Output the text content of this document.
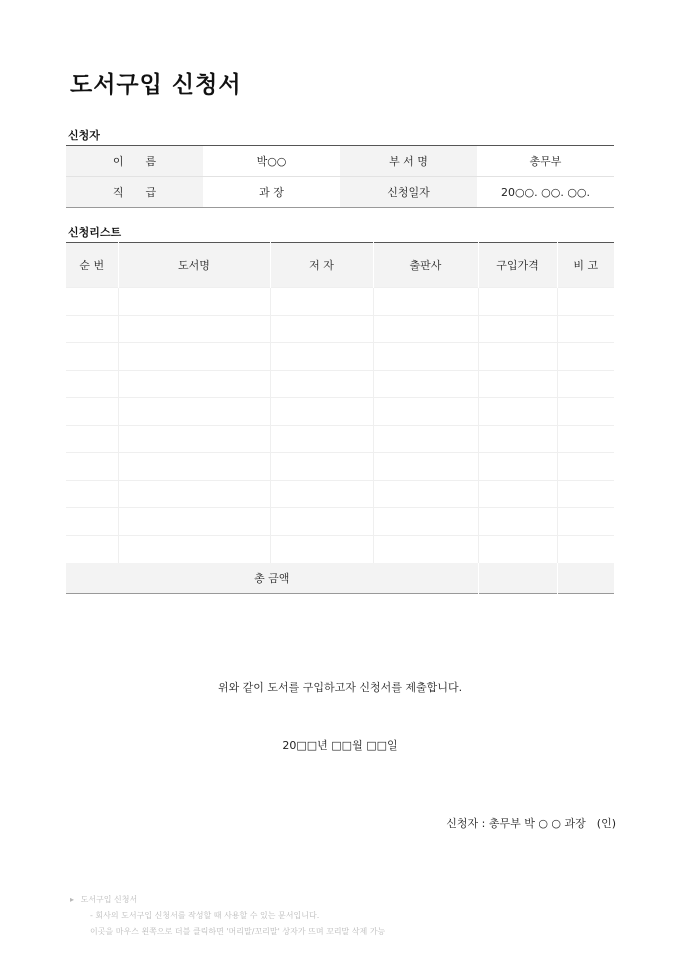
도서구입 신청서
신청자
이　　름	박○○	부 서 명	총무부
직　　급	과 장	신청일자	20○○. ○○. ○○.
신청리스트
순 번	도서명	저 자	출판사	구입가격	비 고

총 금액					
위와 같이 도서를 구입하고자 신청서를 제출합니다.
20□□년 □□월 □□일
신청자 : 총무부 박 ○ ○ 과장　(인)
▸ 도서구입 신청서
- 회사의 도서구입 신청서를 작성할 때 사용할 수 있는 문서입니다.
이곳을 마우스 왼쪽으로 더블 클릭하면 '머리말/꼬리말' 상자가 뜨며 꼬리말 삭제 가능
